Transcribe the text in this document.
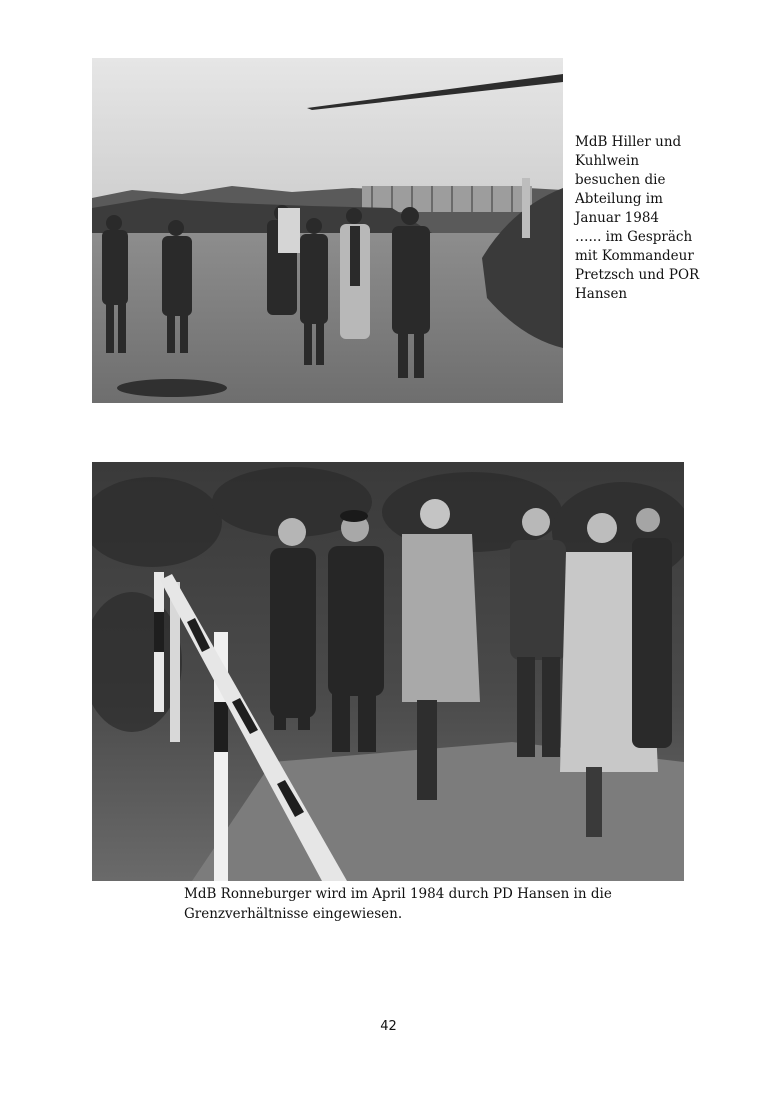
MdB Hiller und
Kuhlwein
besuchen die
Abteilung im
Januar 1984
…... im Gespräch
mit Kommandeur
Pretzsch und POR
Hansen
MdB Ronneburger wird im April 1984 durch PD Hansen in die
Grenzverhältnisse eingewiesen.
42
